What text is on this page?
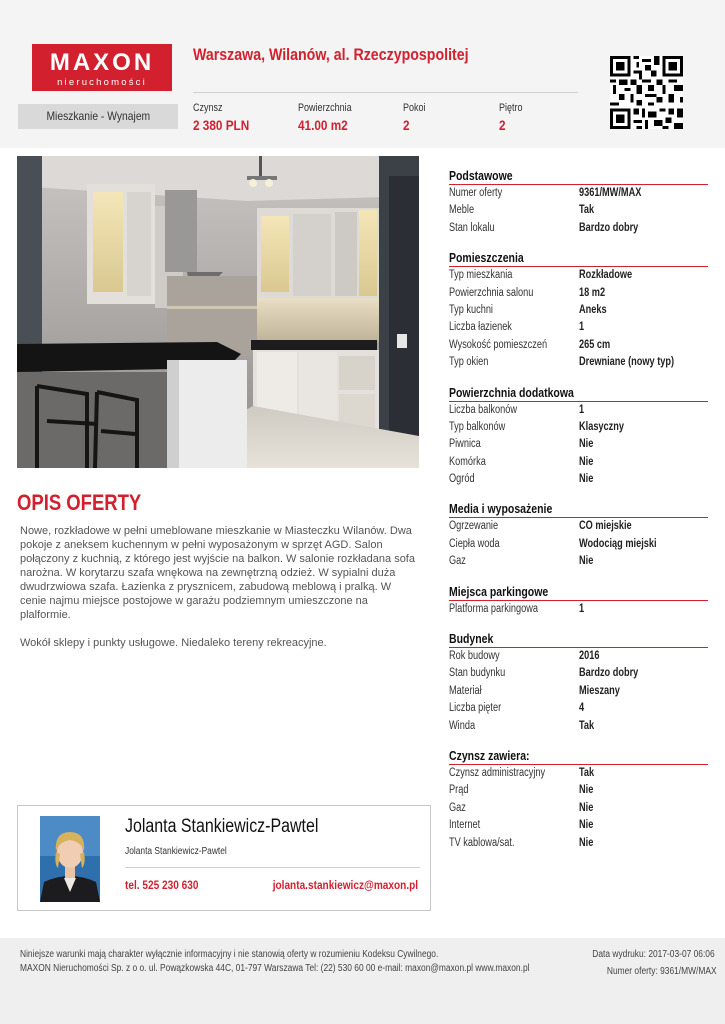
MAXON
nieruchomości
Warszawa, Wilanów, al. Rzeczypospolitej
Mieszkanie - Wynajem
Czynsz
2 380 PLN
Powierzchnia
41.00 m2
Pokoi
2
Piętro
2
OPIS OFERTY

Nowe, rozkładowe w pełni umeblowane mieszkanie w Miasteczku Wilanów. Dwa pokoje z aneksem kuchennym w pełni wyposażonym w sprzęt AGD. Salon połączony z kuchnią, z którego jest wyjście na balkon. W salonie rozkładana sofa narożna. W korytarzu szafa wnękowa na zewnętrzną odzież. W sypialni duża dwudrzwiowa szafa. Łazienka z prysznicem, zabudową meblową i pralką. W cenie najmu miejsce postojowe w garażu podziemnym umieszczone na plalformie.

Wokół sklepy i punkty usługowe. Niedaleko tereny rekreacyjne.

Podstawowe
Numer oferty	9361/MW/MAX
Meble	Tak
Stan lokalu	Bardzo dobry
Pomieszczenia
Typ mieszkania	Rozkładowe
Powierzchnia salonu	18 m2
Typ kuchni	Aneks
Liczba łazienek	1
Wysokość pomieszczeń	265 cm
Typ okien	Drewniane (nowy typ)
Powierzchnia dodatkowa
Liczba balkonów	1
Typ balkonów	Klasyczny
Piwnica	Nie
Komórka	Nie
Ogród	Nie
Media i wyposażenie
Ogrzewanie	CO miejskie
Ciepła woda	Wodociąg miejski
Gaz	Nie
Miejsca parkingowe
Platforma parkingowa	1
Budynek
Rok budowy	2016
Stan budynku	Bardzo dobry
Materiał	Mieszany
Liczba pięter	4
Winda	Tak
Czynsz zawiera:
Czynsz administracyjny	Tak
Prąd	Nie
Gaz	Nie
Internet	Nie
TV kablowa/sat.	Nie
Jolanta Stankiewicz-Pawtel
Jolanta Stankiewicz-Pawtel
tel. 525 230 630	jolanta.stankiewicz@maxon.pl
Niniejsze warunki mają charakter wyłącznie informacyjny i nie stanowią oferty w rozumieniu Kodeksu Cywilnego.
MAXON Nieruchomości Sp. z o o. ul. Powązkowska 44C, 01-797 Warszawa Tel: (22) 530 60 00 e-mail: maxon@maxon.pl www.maxon.pl
Data wydruku: 2017-03-07 06:06
Numer oferty: 9361/MW/MAX
